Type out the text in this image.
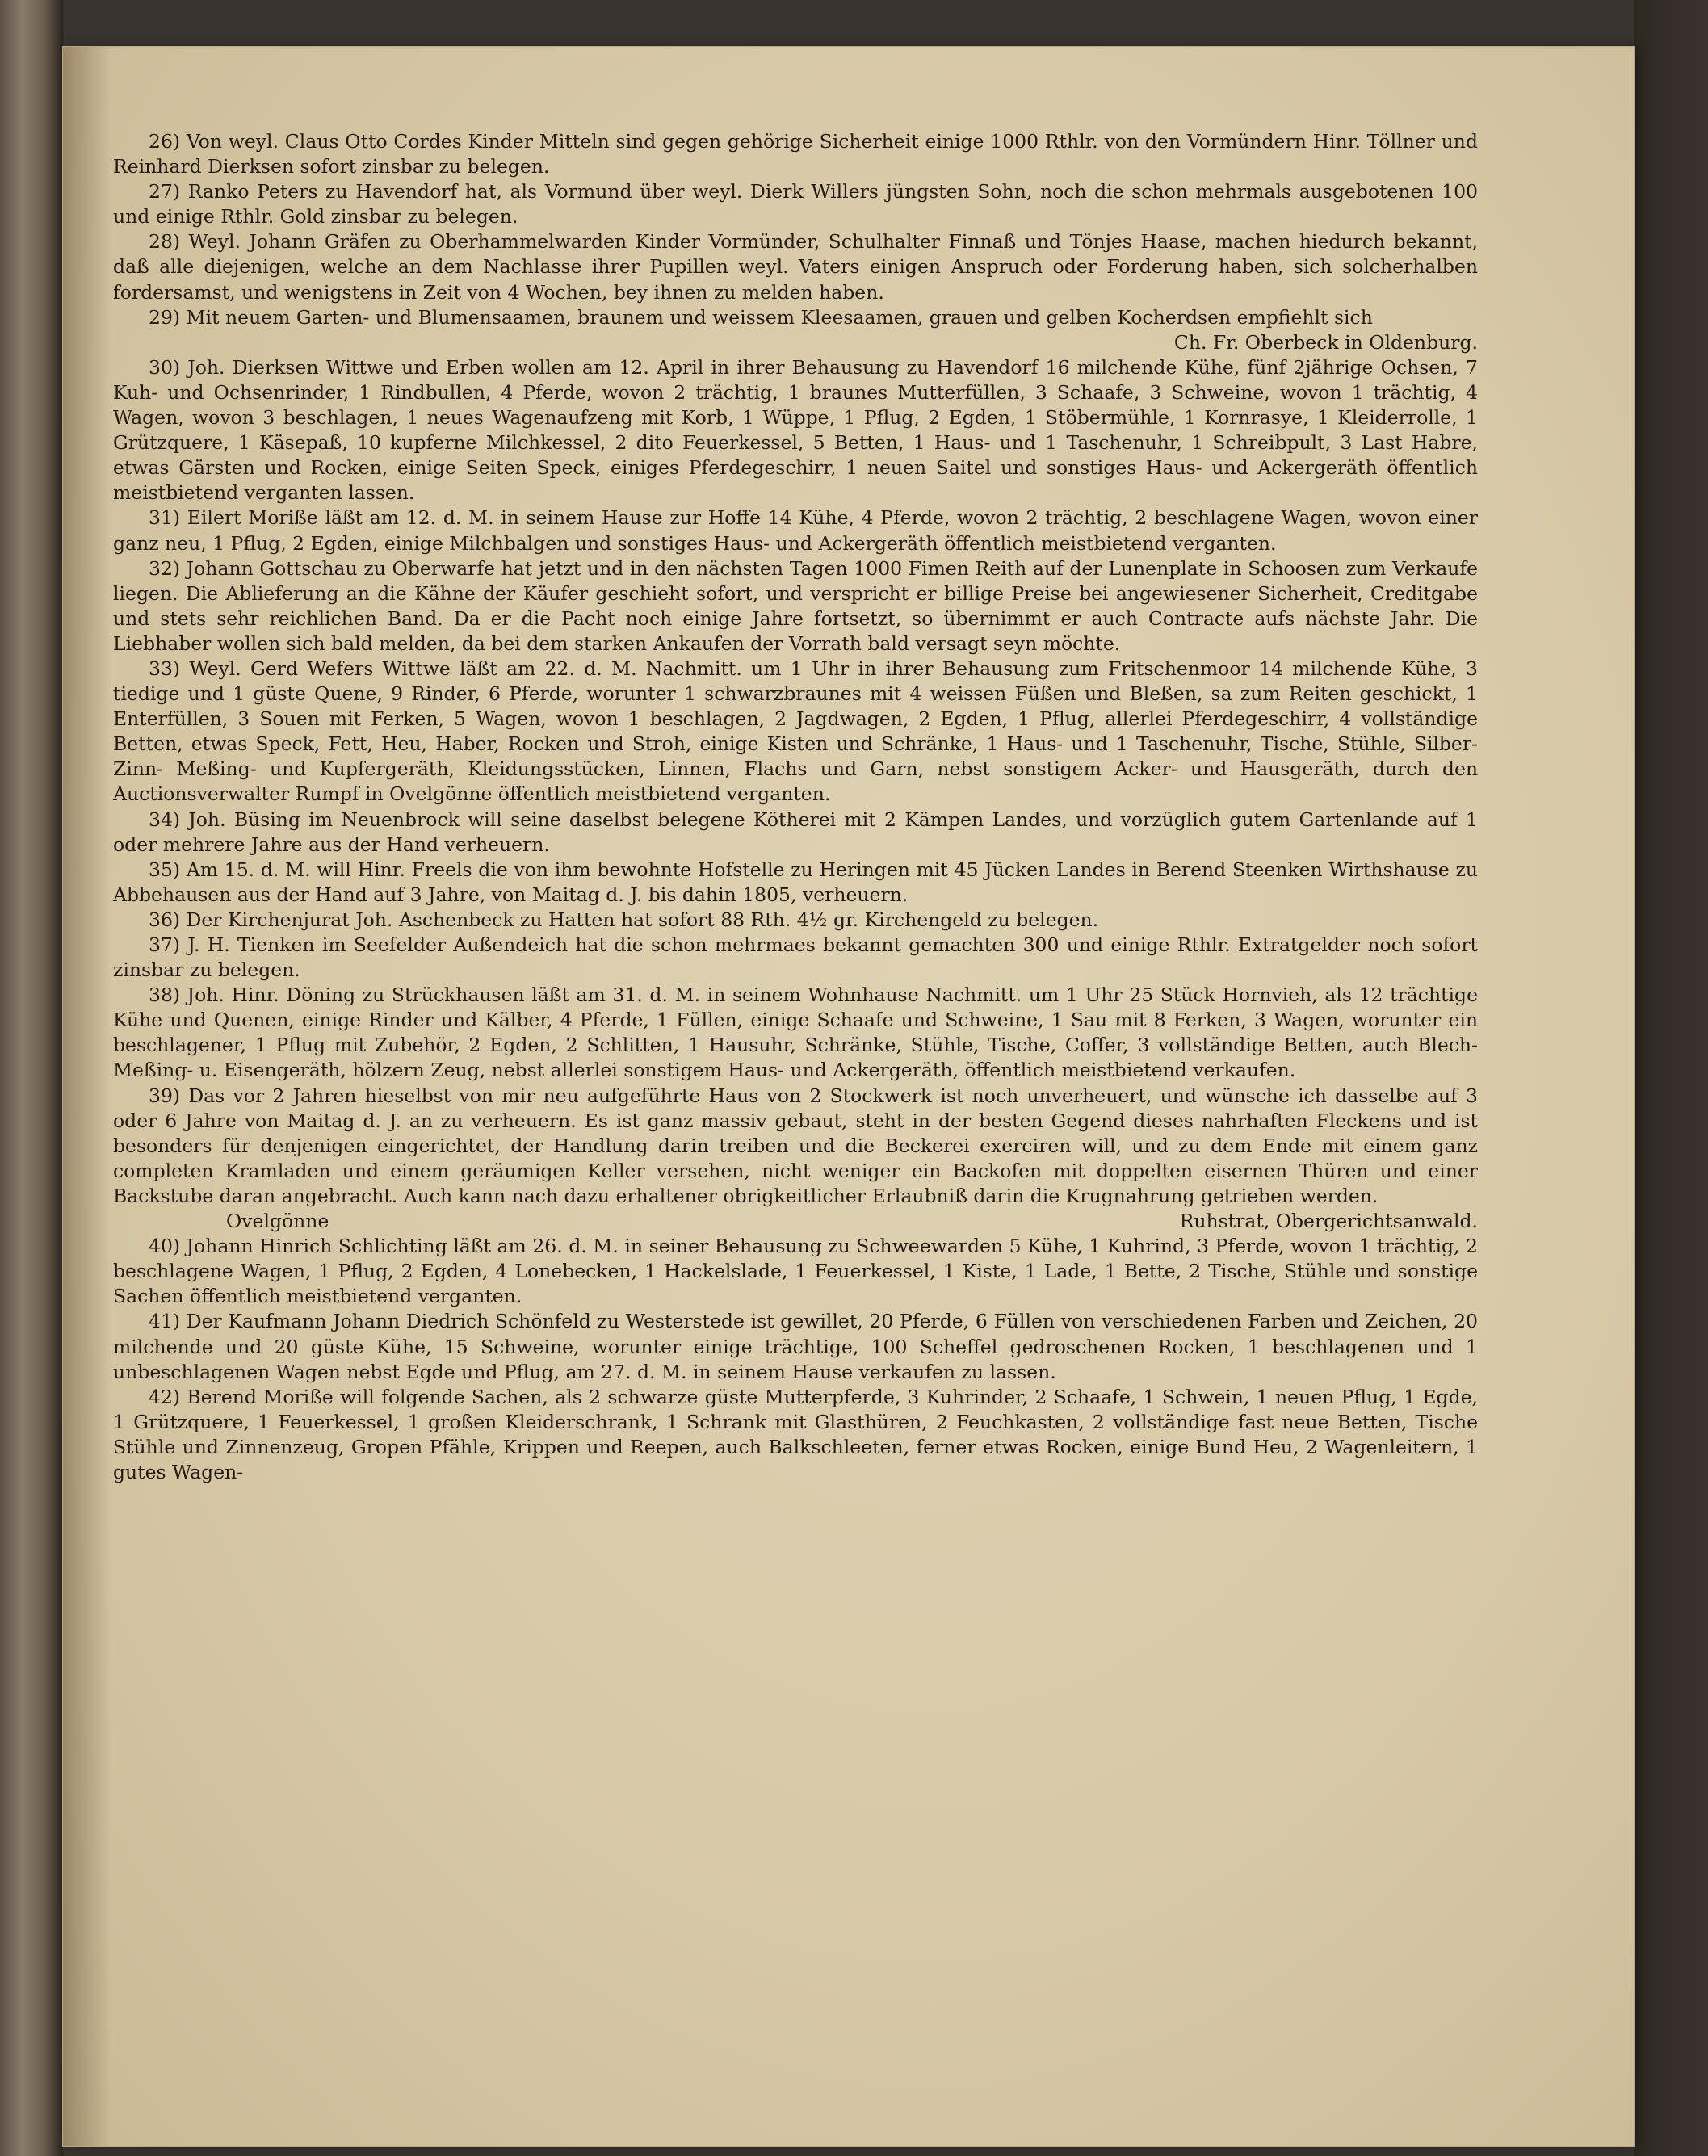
26) Von weyl. Claus Otto Cordes Kinder Mitteln sind gegen gehörige Sicherheit einige 1000 Rthlr. von den Vormündern Hinr. Töllner und Reinhard Dierksen sofort zinsbar zu belegen.

27) Ranko Peters zu Havendorf hat, als Vormund über weyl. Dierk Willers jüngsten Sohn, noch die schon mehrmals ausgebotenen 100 und einige Rthlr. Gold zinsbar zu belegen.

28) Weyl. Johann Gräfen zu Oberhammelwarden Kinder Vormünder, Schulhalter Finnaß und Tönjes Haase, machen hiedurch bekannt, daß alle diejenigen, welche an dem Nachlasse ihrer Pupillen weyl. Vaters einigen Anspruch oder Forderung haben, sich solcherhalben fordersamst, und wenigstens in Zeit von 4 Wochen, bey ihnen zu melden haben.

29) Mit neuem Garten- und Blumensaamen, braunem und weissem Kleesaamen, grauen und gelben Kocherdsen empfiehlt sich

Ch. Fr. Oberbeck in Oldenburg.

30) Joh. Dierksen Wittwe und Erben wollen am 12. April in ihrer Behausung zu Havendorf 16 milchende Kühe, fünf 2jährige Ochsen, 7 Kuh- und Ochsenrinder, 1 Rindbullen, 4 Pferde, wovon 2 trächtig, 1 braunes Mutterfüllen, 3 Schaafe, 3 Schweine, wovon 1 trächtig, 4 Wagen, wovon 3 beschlagen, 1 neues Wagenaufzeng mit Korb, 1 Wüppe, 1 Pflug, 2 Egden, 1 Stöbermühle, 1 Kornrasye, 1 Kleiderrolle, 1 Grützquere, 1 Käsepaß, 10 kupferne Milchkessel, 2 dito Feuerkessel, 5 Betten, 1 Haus- und 1 Taschenuhr, 1 Schreibpult, 3 Last Habre, etwas Gärsten und Rocken, einige Seiten Speck, einiges Pferdegeschirr, 1 neuen Saitel und sonstiges Haus- und Ackergeräth öffentlich meistbietend verganten lassen.

31) Eilert Moriße läßt am 12. d. M. in seinem Hause zur Hoffe 14 Kühe, 4 Pferde, wovon 2 trächtig, 2 beschlagene Wagen, wovon einer ganz neu, 1 Pflug, 2 Egden, einige Milchbalgen und sonstiges Haus- und Ackergeräth öffentlich meistbietend verganten.

32) Johann Gottschau zu Oberwarfe hat jetzt und in den nächsten Tagen 1000 Fimen Reith auf der Lunenplate in Schoosen zum Verkaufe liegen. Die Ablieferung an die Kähne der Käufer geschieht sofort, und verspricht er billige Preise bei angewiesener Sicherheit, Creditgabe und stets sehr reichlichen Band. Da er die Pacht noch einige Jahre fortsetzt, so übernimmt er auch Contracte aufs nächste Jahr. Die Liebhaber wollen sich bald melden, da bei dem starken Ankaufen der Vorrath bald versagt seyn möchte.

33) Weyl. Gerd Wefers Wittwe läßt am 22. d. M. Nachmitt. um 1 Uhr in ihrer Behausung zum Fritschenmoor 14 milchende Kühe, 3 tiedige und 1 güste Quene, 9 Rinder, 6 Pferde, worunter 1 schwarzbraunes mit 4 weissen Füßen und Bleßen, sa zum Reiten geschickt, 1 Enterfüllen, 3 Souen mit Ferken, 5 Wagen, wovon 1 beschlagen, 2 Jagdwagen, 2 Egden, 1 Pflug, allerlei Pferdegeschirr, 4 vollständige Betten, etwas Speck, Fett, Heu, Haber, Rocken und Stroh, einige Kisten und Schränke, 1 Haus- und 1 Taschenuhr, Tische, Stühle, Silber- Zinn- Meßing- und Kupfergeräth, Kleidungsstücken, Linnen, Flachs und Garn, nebst sonstigem Acker- und Hausgeräth, durch den Auctionsverwalter Rumpf in Ovelgönne öffentlich meistbietend verganten.

34) Joh. Büsing im Neuenbrock will seine daselbst belegene Kötherei mit 2 Kämpen Landes, und vorzüglich gutem Gartenlande auf 1 oder mehrere Jahre aus der Hand verheuern.

35) Am 15. d. M. will Hinr. Freels die von ihm bewohnte Hofstelle zu Heringen mit 45 Jücken Landes in Berend Steenken Wirthshause zu Abbehausen aus der Hand auf 3 Jahre, von Maitag d. J. bis dahin 1805, verheuern.

36) Der Kirchenjurat Joh. Aschenbeck zu Hatten hat sofort 88 Rth. 4½ gr. Kirchengeld zu belegen.

37) J. H. Tienken im Seefelder Außendeich hat die schon mehrmaes bekannt gemachten 300 und einige Rthlr. Extratgelder noch sofort zinsbar zu belegen.

38) Joh. Hinr. Döning zu Strückhausen läßt am 31. d. M. in seinem Wohnhause Nachmitt. um 1 Uhr 25 Stück Hornvieh, als 12 trächtige Kühe und Quenen, einige Rinder und Kälber, 4 Pferde, 1 Füllen, einige Schaafe und Schweine, 1 Sau mit 8 Ferken, 3 Wagen, worunter ein beschlagener, 1 Pflug mit Zubehör, 2 Egden, 2 Schlitten, 1 Hausuhr, Schränke, Stühle, Tische, Coffer, 3 vollständige Betten, auch Blech- Meßing- u. Eisengeräth, hölzern Zeug, nebst allerlei sonstigem Haus- und Ackergeräth, öffentlich meistbietend verkaufen.

39) Das vor 2 Jahren hieselbst von mir neu aufgeführte Haus von 2 Stockwerk ist noch unverheuert, und wünsche ich dasselbe auf 3 oder 6 Jahre von Maitag d. J. an zu verheuern. Es ist ganz massiv gebaut, steht in der besten Gegend dieses nahrhaften Fleckens und ist besonders für denjenigen eingerichtet, der Handlung darin treiben und die Beckerei exerciren will, und zu dem Ende mit einem ganz completen Kramladen und einem geräumigen Keller versehen, nicht weniger ein Backofen mit doppelten eisernen Thüren und einer Backstube daran angebracht. Auch kann nach dazu erhaltener obrigkeitlicher Erlaubniß darin die Krugnahrung getrieben werden.

Ovelgönne	Ruhstrat, Obergerichtsanwald.

40) Johann Hinrich Schlichting läßt am 26. d. M. in seiner Behausung zu Schweewarden 5 Kühe, 1 Kuhrind, 3 Pferde, wovon 1 trächtig, 2 beschlagene Wagen, 1 Pflug, 2 Egden, 4 Lonebecken, 1 Hackelslade, 1 Feuerkessel, 1 Kiste, 1 Lade, 1 Bette, 2 Tische, Stühle und sonstige Sachen öffentlich meistbietend verganten.

41) Der Kaufmann Johann Diedrich Schönfeld zu Westerstede ist gewillet, 20 Pferde, 6 Füllen von verschiedenen Farben und Zeichen, 20 milchende und 20 güste Kühe, 15 Schweine, worunter einige trächtige, 100 Scheffel gedroschenen Rocken, 1 beschlagenen und 1 unbeschlagenen Wagen nebst Egde und Pflug, am 27. d. M. in seinem Hause verkaufen zu lassen.

42) Berend Moriße will folgende Sachen, als 2 schwarze güste Mutterpferde, 3 Kuhrinder, 2 Schaafe, 1 Schwein, 1 neuen Pflug, 1 Egde, 1 Grützquere, 1 Feuerkessel, 1 großen Kleiderschrank, 1 Schrank mit Glasthüren, 2 Feuchkasten, 2 vollständige fast neue Betten, Tische Stühle und Zinnenzeug, Gropen Pfähle, Krippen und Reepen, auch Balkschleeten, ferner etwas Rocken, einige Bund Heu, 2 Wagenleitern, 1 gutes Wagen-
